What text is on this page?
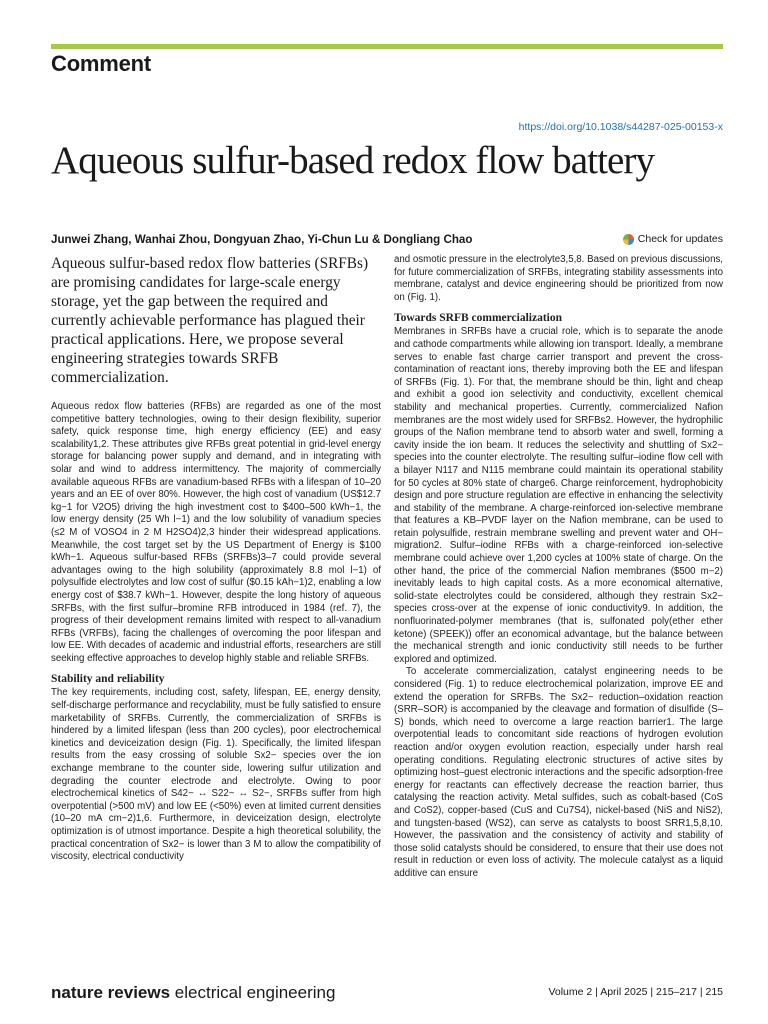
Comment
https://doi.org/10.1038/s44287-025-00153-x
Aqueous sulfur-based redox flow battery
Junwei Zhang, Wanhai Zhou, Dongyuan Zhao, Yi-Chun Lu & Dongliang Chao	Check for updates

Aqueous sulfur-based redox flow batteries (SRFBs) are promising candidates for large-scale energy storage, yet the gap between the required and currently achievable performance has plagued their practical applications. Here, we propose several engineering strategies towards SRFB commercialization.

Aqueous redox flow batteries (RFBs) are regarded as one of the most competitive battery technologies, owing to their design flexibility, superior safety, quick response time, high energy efficiency (EE) and easy scalability1,2. These attributes give RFBs great potential in grid-level energy storage for balancing power supply and demand, and in integrating with solar and wind to address intermittency. The majority of commercially available aqueous RFBs are vanadium-based RFBs with a lifespan of 10–20 years and an EE of over 80%. However, the high cost of vanadium (US$12.7 kg−1 for V2O5) driving the high investment cost to $400–500 kWh−1, the low energy density (25 Wh l−1) and the low solubility of vanadium species (≤2 M of VOSO4 in 2 M H2SO4)2,3 hinder their widespread applications. Meanwhile, the cost target set by the US Department of Energy is $100 kWh−1. Aqueous sulfur-based RFBs (SRFBs)3–7 could provide several advantages owing to the high solubility (approximately 8.8 mol l−1) of polysulfide electrolytes and low cost of sulfur ($0.15 kAh−1)2, enabling a low energy cost of $38.7 kWh−1. However, despite the long history of aqueous SRFBs, with the first sulfur–bromine RFB introduced in 1984 (ref. 7), the progress of their development remains limited with respect to all-vanadium RFBs (VRFBs), facing the challenges of overcoming the poor lifespan and low EE. With decades of academic and industrial efforts, researchers are still seeking effective approaches to develop highly stable and reliable SRFBs.

Stability and reliability

The key requirements, including cost, safety, lifespan, EE, energy density, self-discharge performance and recyclability, must be fully satisfied to ensure marketability of SRFBs. Currently, the commercialization of SRFBs is hindered by a limited lifespan (less than 200 cycles), poor electrochemical kinetics and deviceization design (Fig. 1). Specifically, the limited lifespan results from the easy crossing of soluble Sx2− species over the ion exchange membrane to the counter side, lowering sulfur utilization and degrading the counter electrode and electrolyte. Owing to poor electrochemical kinetics of S42− ↔ S22− ↔ S2−, SRFBs suffer from high overpotential (>500 mV) and low EE (<50%) even at limited current densities (10–20 mA cm−2)1,6. Furthermore, in deviceization design, electrolyte optimization is of utmost importance. Despite a high theoretical solubility, the practical concentration of Sx2− is lower than 3 M to allow the compatibility of viscosity, electrical conductivity

and osmotic pressure in the electrolyte3,5,8. Based on previous discussions, for future commercialization of SRFBs, integrating stability assessments into membrane, catalyst and device engineering should be prioritized from now on (Fig. 1).

Towards SRFB commercialization

Membranes in SRFBs have a crucial role, which is to separate the anode and cathode compartments while allowing ion transport. Ideally, a membrane serves to enable fast charge carrier transport and prevent the cross-contamination of reactant ions, thereby improving both the EE and lifespan of SRFBs (Fig. 1). For that, the membrane should be thin, light and cheap and exhibit a good ion selectivity and conductivity, excellent chemical stability and mechanical properties. Currently, commercialized Nafion membranes are the most widely used for SRFBs2. However, the hydrophilic groups of the Nafion membrane tend to absorb water and swell, forming a cavity inside the ion beam. It reduces the selectivity and shuttling of Sx2− species into the counter electrolyte. The resulting sulfur–iodine flow cell with a bilayer N117 and N115 membrane could maintain its operational stability for 50 cycles at 80% state of charge6. Charge reinforcement, hydrophobicity design and pore structure regulation are effective in enhancing the selectivity and stability of the membrane. A charge-reinforced ion-selective membrane that features a KB–PVDF layer on the Nafion membrane, can be used to retain polysulfide, restrain membrane swelling and prevent water and OH− migration2. Sulfur–iodine RFBs with a charge-reinforced ion-selective membrane could achieve over 1,200 cycles at 100% state of charge. On the other hand, the price of the commercial Nafion membranes ($500 m−2) inevitably leads to high capital costs. As a more economical alternative, solid-state electrolytes could be considered, although they restrain Sx2− species cross-over at the expense of ionic conductivity9. In addition, the nonfluorinated-polymer membranes (that is, sulfonated poly(ether ether ketone) (SPEEK)) offer an economical advantage, but the balance between the mechanical strength and ionic conductivity still needs to be further explored and optimized.

To accelerate commercialization, catalyst engineering needs to be considered (Fig. 1) to reduce electrochemical polarization, improve EE and extend the operation for SRFBs. The Sx2− reduction–oxidation reaction (SRR–SOR) is accompanied by the cleavage and formation of disulfide (S–S) bonds, which need to overcome a large reaction barrier1. The large overpotential leads to concomitant side reactions of hydrogen evolution reaction and/or oxygen evolution reaction, especially under harsh real operating conditions. Regulating electronic structures of active sites by optimizing host–guest electronic interactions and the specific adsorption-free energy for reactants can effectively decrease the reaction barrier, thus catalysing the reaction activity. Metal sulfides, such as cobalt-based (CoS and CoS2), copper-based (CuS and Cu7S4), nickel-based (NiS and NiS2), and tungsten-based (WS2), can serve as catalysts to boost SRR1,5,8,10. However, the passivation and the consistency of activity and stability of those solid catalysts should be considered, to ensure that their use does not result in reduction or even loss of activity. The molecule catalyst as a liquid additive can ensure

nature reviews electrical engineering	Volume 2 | April 2025 | 215–217 | 215
